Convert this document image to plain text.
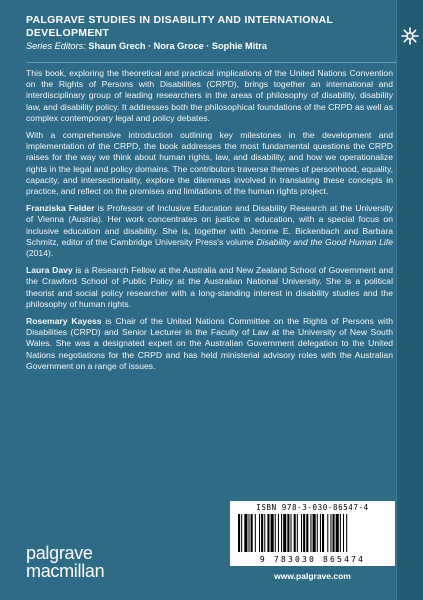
PALGRAVE STUDIES IN DISABILITY AND INTERNATIONAL DEVELOPMENT
Series Editors: Shaun Grech · Nora Groce · Sophie Mitra

This book, exploring the theoretical and practical implications of the United Nations Convention on the Rights of Persons with Disabilities (CRPD), brings together an international and interdisciplinary group of leading researchers in the areas of philosophy of disability, disability law, and disability policy. It addresses both the philosophical foundations of the CRPD as well as complex contemporary legal and policy debates.

With a comprehensive introduction outlining key milestones in the development and implementation of the CRPD, the book addresses the most fundamental questions the CRPD raises for the way we think about human rights, law, and disability, and how we operationalize rights in the legal and policy domains. The contributors traverse themes of personhood, equality, capacity, and intersectionality, explore the dilemmas involved in translating these concepts in practice, and reflect on the promises and limitations of the human rights project.

Franziska Felder is Professor of Inclusive Education and Disability Research at the University of Vienna (Austria). Her work concentrates on justice in education, with a special focus on inclusive education and disability. She is, together with Jerome E. Bickenbach and Barbara Schmitz, editor of the Cambridge University Press's volume Disability and the Good Human Life (2014).

Laura Davy is a Research Fellow at the Australia and New Zealand School of Government and the Crawford School of Public Policy at the Australian National University. She is a political theorist and social policy researcher with a long-standing interest in disability studies and the philosophy of human rights.

Rosemary Kayess is Chair of the United Nations Committee on the Rights of Persons with Disabilities (CRPD) and Senior Lecturer in the Faculty of Law at the University of New South Wales. She was a designated expert on the Australian Government delegation to the United Nations negotiations for the CRPD and has held ministerial advisory roles with the Australian Government on a range of issues.

palgrave
macmillan
ISBN 978-3-030-86547-4
9 783030 865474
www.palgrave.com
